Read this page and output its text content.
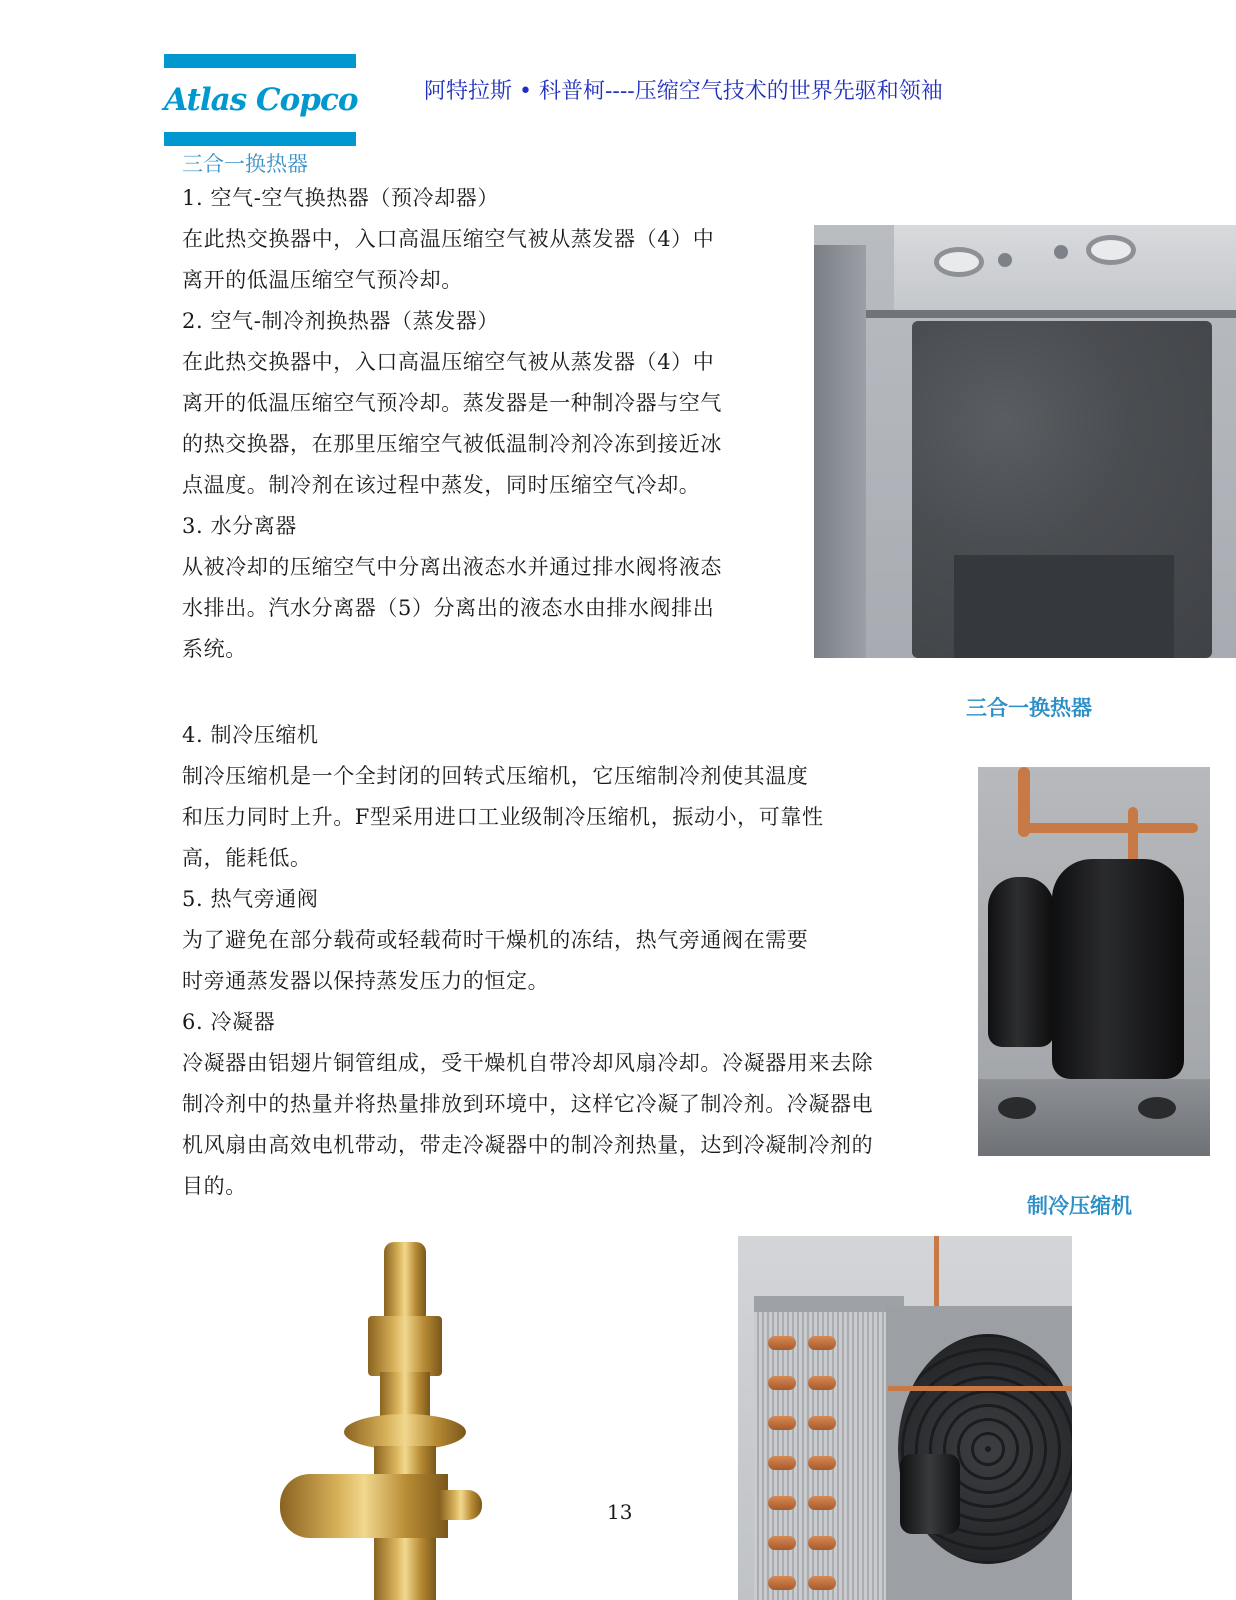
Atlas Copco	阿特拉斯 • 科普柯----压缩空气技术的世界先驱和领袖
三合一换热器
1. 空气-空气换热器（预冷却器）
在此热交换器中，入口高温压缩空气被从蒸发器（4）中
离开的低温压缩空气预冷却。
2. 空气-制冷剂换热器（蒸发器）
在此热交换器中，入口高温压缩空气被从蒸发器（4）中
离开的低温压缩空气预冷却。蒸发器是一种制冷器与空气
的热交换器，在那里压缩空气被低温制冷剂冷冻到接近冰
点温度。制冷剂在该过程中蒸发，同时压缩空气冷却。
3. 水分离器
从被冷却的压缩空气中分离出液态水并通过排水阀将液态
水排出。汽水分离器（5）分离出的液态水由排水阀排出
系统。
4. 制冷压缩机
制冷压缩机是一个全封闭的回转式压缩机，它压缩制冷剂使其温度
和压力同时上升。F型采用进口工业级制冷压缩机，振动小，可靠性
高，能耗低。
5. 热气旁通阀
为了避免在部分载荷或轻载荷时干燥机的冻结，热气旁通阀在需要
时旁通蒸发器以保持蒸发压力的恒定。
6. 冷凝器
冷凝器由铝翅片铜管组成，受干燥机自带冷却风扇冷却。冷凝器用来去除
制冷剂中的热量并将热量排放到环境中，这样它冷凝了制冷剂。冷凝器电
机风扇由高效电机带动，带走冷凝器中的制冷剂热量，达到冷凝制冷剂的
目的。
三合一换热器
制冷压缩机
13
